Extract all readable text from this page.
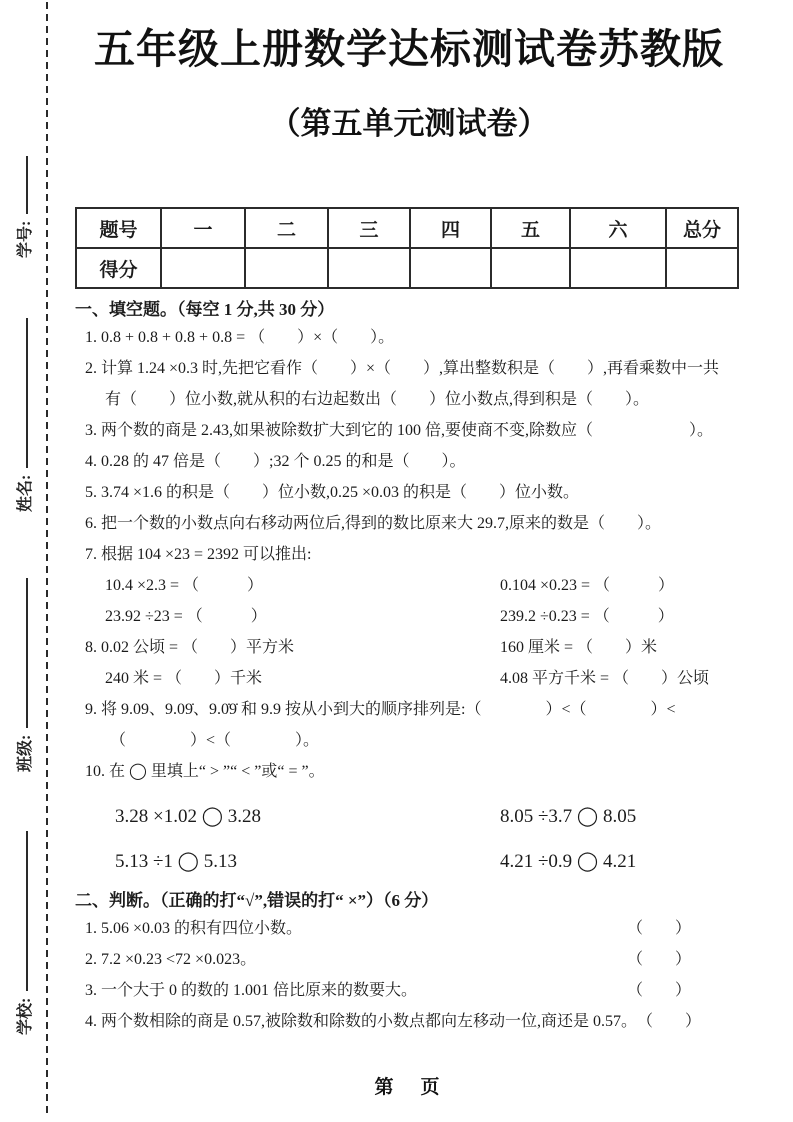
学号:
姓名:
班级:
学校:
五年级上册数学达标测试卷苏教版
（第五单元测试卷）
题号	一	二	三	四	五	六	总分
得分							
一、填空题。（每空 1 分,共 30 分）
1. 0.8 + 0.8 + 0.8 + 0.8 = （　　）×（　　）。
2. 计算 1.24 ×0.3 时,先把它看作（　　）×（　　）,算出整数积是（　　）,再看乘数中一共
有（　　）位小数,就从积的右边起数出（　　）位小数点,得到积是（　　）。
3. 两个数的商是 2.43,如果被除数扩大到它的 100 倍,要使商不变,除数应（　　　　　　）。
4. 0.28 的 47 倍是（　　）;32 个 0.25 的和是（　　）。
5. 3.74 ×1.6 的积是（　　）位小数,0.25 ×0.03 的积是（　　）位小数。
6. 把一个数的小数点向右移动两位后,得到的数比原来大 29.7,原来的数是（　　）。
7. 根据 104 ×23 = 2392 可以推出:
10.4 ×2.3 = （　　　）	0.104 ×0.23 = （　　　）
23.92 ÷23 = （　　　）	239.2 ÷0.23 = （　　　）
8. 0.02 公顷 = （　　）平方米	160 厘米 = （　　）米
240 米 = （　　）千米	4.08 平方千米 = （　　）公顷
9. 将 9.09、9.09̇、9.0̇9̇ 和 9.9 按从小到大的顺序排列是:（　　　　）<（　　　　）<
（　　　　）<（　　　　）。
10. 在 ◯ 里填上“ > ”“ < ”或“ = ”。
3.28 ×1.02 ◯ 3.28	8.05 ÷3.7 ◯ 8.05
5.13 ÷1 ◯ 5.13	4.21 ÷0.9 ◯ 4.21
二、判断。（正确的打“√”,错误的打“ ×”）（6 分）
1. 5.06 ×0.03 的积有四位小数。	（　　）
2. 7.2 ×0.23 <72 ×0.023。	（　　）
3. 一个大于 0 的数的 1.001 倍比原来的数要大。	（　　）
4. 两个数相除的商是 0.57,被除数和除数的小数点都向左移动一位,商还是 0.57。 （　　）
第　页
